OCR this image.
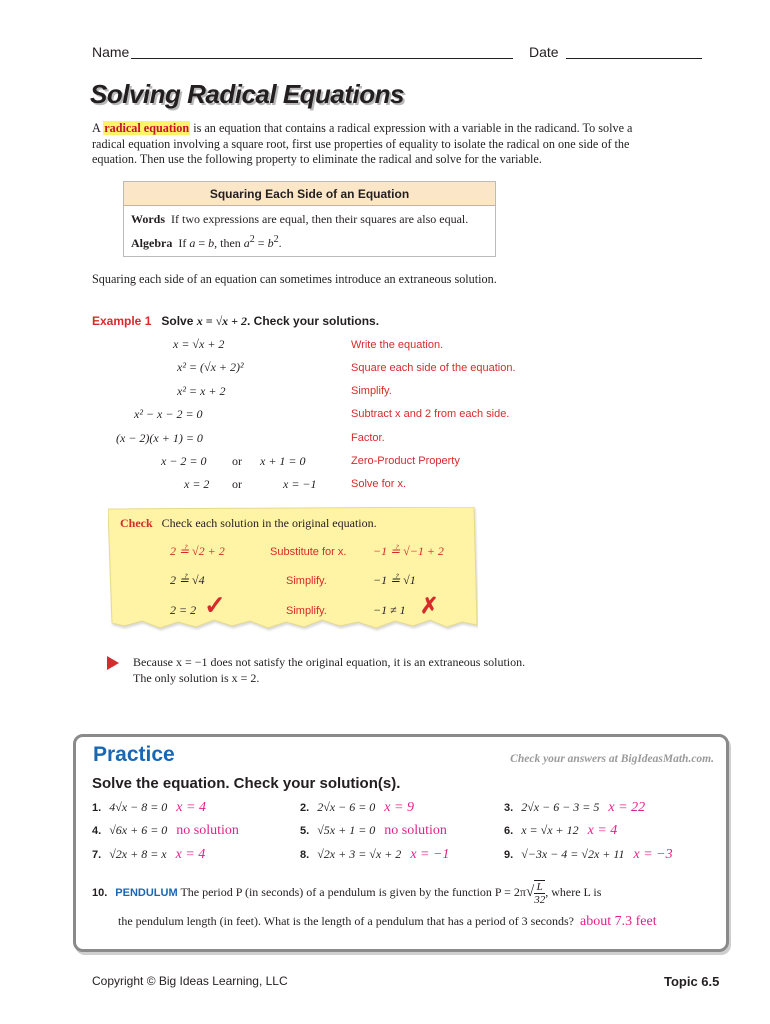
Name	Date
Solving Radical Equations
A radical equation is an equation that contains a radical expression with a variable in the radicand. To solve a radical equation involving a square root, first use properties of equality to isolate the radical on one side of the equation. Then use the following property to eliminate the radical and solve for the variable.
Squaring Each Side of an Equation
Words If two expressions are equal, then their squares are also equal.
Algebra If a = b, then $a^2 = b^2$.
Squaring each side of an equation can sometimes introduce an extraneous solution.
Example 1 Solve x = √x + 2. Check your solutions.
x = √x + 2	Write the equation.
x² = (√x + 2)²	Square each side of the equation.
x² = x + 2	Simplify.
x² − x − 2 = 0	Subtract x and 2 from each side.
(x − 2)(x + 1) = 0	Factor.
x − 2 = 0 or x + 1 = 0	Zero-Product Property
x = 2 or	x = −1	Solve for x.
Check Check each solution in the original equation.
2 ≟ √2 + 2	Substitute for x. −1 ≟ √−1 + 2
2 ≟ √4	Simplify.	−1 ≟ √1
2 = 2 ✓	Simplify.	−1 ≠ 1 ✗
Because x = −1 does not satisfy the original equation, it is an extraneous solution.
The only solution is x = 2.
Practice	Check your answers at BigIdeasMath.com.
Solve the equation. Check your solution(s).
1. 4√x − 8 = 0 x = 4	2. 2√x − 6 = 0 x = 9	3. 2√x − 6 − 3 = 5 x = 22
4. √6x + 6 = 0 no solution	5. √5x + 1 = 0 no solution	6. x = √x + 12 x = 4
7. √2x + 8 = x x = 4	8. √2x + 3 = √x + 2 x = −1	9. √−3x − 4 = √2x + 11 x = −3
10. PENDULUM The period P (in seconds) of a pendulum is given by the function $P = 2\pi√ \frac{L}{32}$ , where L is
the pendulum length (in feet). What is the length of a pendulum that has a period of 3 seconds? about 7.3 feet
Copyright © Big Ideas Learning, LLC	Topic 6.5
